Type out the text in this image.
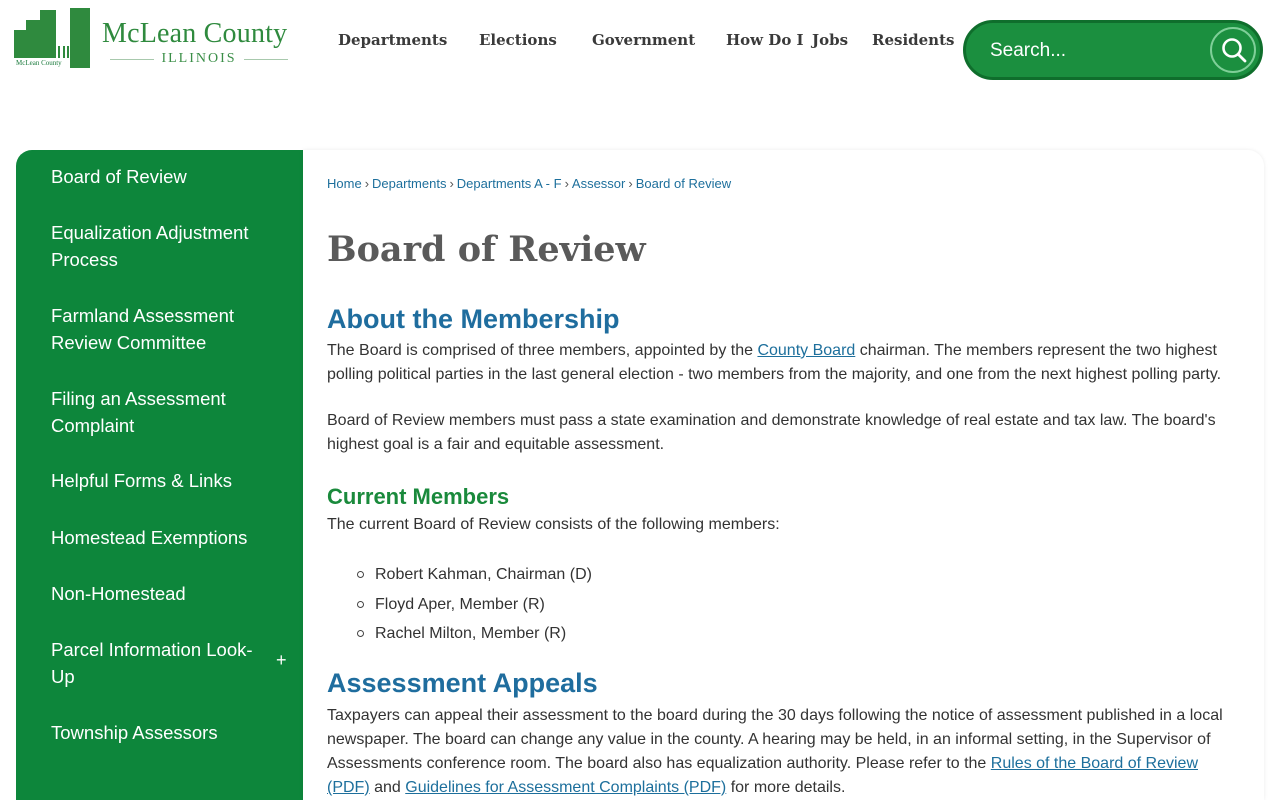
McLean County
McLean County
ILLINOIS
Departments Elections Government How Do I Jobs Residents
Search...
Board of Review
Equalization Adjustment Process
Farmland Assessment Review Committee
Filing an Assessment Complaint
Helpful Forms & Links
Homestead Exemptions
Non-Homestead
Parcel Information Look-Up
+
Township Assessors
Home › Departments › Departments A - F › Assessor › Board of Review
Board of Review
About the Membership

The Board is comprised of three members, appointed by the County Board chairman. The members represent the two highest polling political parties in the last general election - two members from the majority, and one from the next highest polling party.

Board of Review members must pass a state examination and demonstrate knowledge of real estate and tax law. The board's highest goal is a fair and equitable assessment.

Current Members

The current Board of Review consists of the following members:

Robert Kahman, Chairman (D)
Floyd Aper, Member (R)
Rachel Milton, Member (R)
Assessment Appeals

Taxpayers can appeal their assessment to the board during the 30 days following the notice of assessment published in a local newspaper. The board can change any value in the county. A hearing may be held, in an informal setting, in the Supervisor of Assessments conference room. The board also has equalization authority. Please refer to the Rules of the Board of Review (PDF) and Guidelines for Assessment Complaints (PDF) for more details.
